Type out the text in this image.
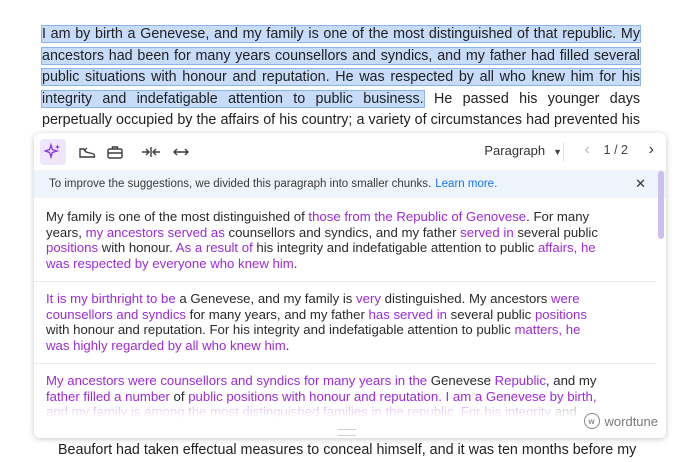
I am by birth a Genevese, and my family is one of the most distinguished of that republic. My ancestors had been for many years counsellors and syndics, and my father had filled several public situations with honour and reputation. He was respected by all who knew him for his integrity and indefatigable attention to public business. He passed his younger days perpetually occupied by the affairs of his country; a variety of circumstances had prevented his

Beaufort had taken effectual measures to conceal himself, and it was ten months before my
Paragraph ▼ ‹ 1 / 2 ›
To improve the suggestions, we divided this paragraph into smaller chunks. Learn more.	✕
My family is one of the most distinguished of those from the Republic of Genovese. For many years, my ancestors served as counsellors and syndics, and my father served in several public positions with honour. As a result of his integrity and indefatigable attention to public affairs, he was respected by everyone who knew him.
It is my birthright to be a Genevese, and my family is very distinguished. My ancestors were counsellors and syndics for many years, and my father has served in several public positions with honour and reputation. For his integrity and indefatigable attention to public matters, he was highly regarded by all who knew him.
My ancestors were counsellors and syndics for many years in the Genevese Republic, and my father filled a number of public positions with honour and reputation. I am a Genevese by birth,
w wordtune
